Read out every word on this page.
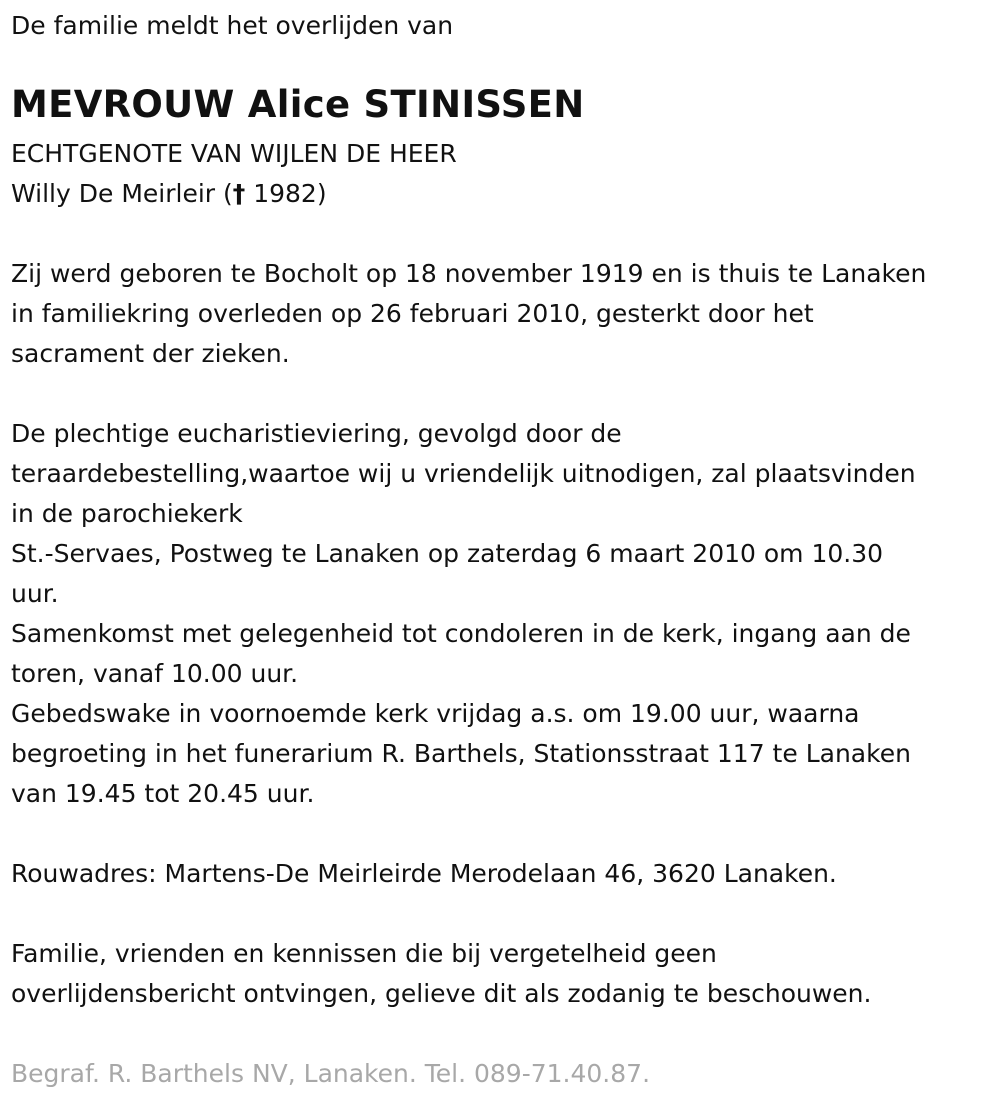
De familie meldt het overlijden van

MEVROUW Alice STINISSEN

ECHTGENOTE VAN WIJLEN DE HEER

Willy De Meirleir († 1982)

Zij werd geboren te Bocholt op 18 november 1919 en is thuis te Lanaken

in familiekring overleden op 26 februari 2010, gesterkt door het

sacrament der zieken.

De plechtige eucharistieviering, gevolgd door de

teraardebestelling,waartoe wij u vriendelijk uitnodigen, zal plaatsvinden

in de parochiekerk

St.-Servaes, Postweg te Lanaken op zaterdag 6 maart 2010 om 10.30

uur.

Samenkomst met gelegenheid tot condoleren in de kerk, ingang aan de

toren, vanaf 10.00 uur.

Gebedswake in voornoemde kerk vrijdag a.s. om 19.00 uur, waarna

begroeting in het funerarium R. Barthels, Stationsstraat 117 te Lanaken

van 19.45 tot 20.45 uur.

Rouwadres: Martens-De Meirleirde Merodelaan 46, 3620 Lanaken.

Familie, vrienden en kennissen die bij vergetelheid geen

overlijdensbericht ontvingen, gelieve dit als zodanig te beschouwen.

Begraf. R. Barthels NV, Lanaken. Tel. 089-71.40.87.
